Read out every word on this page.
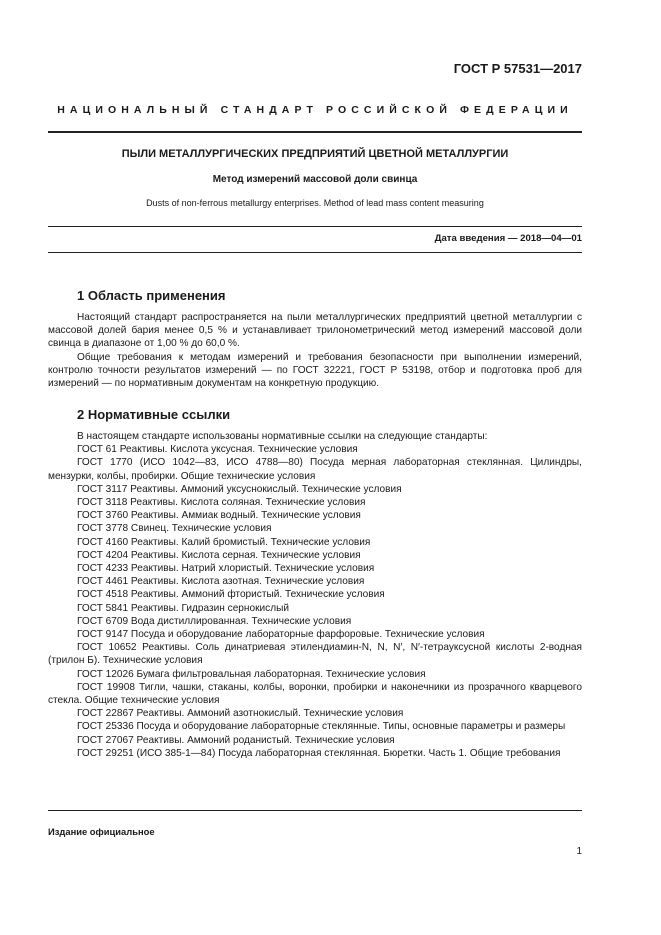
ГОСТ Р 57531—2017
НАЦИОНАЛЬНЫЙ СТАНДАРТ РОССИЙСКОЙ ФЕДЕРАЦИИ
ПЫЛИ МЕТАЛЛУРГИЧЕСКИХ ПРЕДПРИЯТИЙ ЦВЕТНОЙ МЕТАЛЛУРГИИ
Метод измерений массовой доли свинца
Dusts of non-ferrous metallurgy enterprises. Method of lead mass content measuring
Дата введения — 2018—04—01
1 Область применения

Настоящий стандарт распространяется на пыли металлургических предприятий цветной металлургии с массовой долей бария менее 0,5 % и устанавливает трилонометрический метод измерений массовой доли свинца в диапазоне от 1,00 % до 60,0 %.

Общие требования к методам измерений и требования безопасности при выполнении измерений, контролю точности результатов измерений — по ГОСТ 32221, ГОСТ Р 53198, отбор и подготовка проб для измерений — по нормативным документам на конкретную продукцию.

2 Нормативные ссылки
В настоящем стандарте использованы нормативные ссылки на следующие стандарты:
ГОСТ 61 Реактивы. Кислота уксусная. Технические условия
ГОСТ 1770 (ИСО 1042—83, ИСО 4788—80) Посуда мерная лабораторная стеклянная. Цилиндры, мензурки, колбы, пробирки. Общие технические условия
ГОСТ 3117 Реактивы. Аммоний уксуснокислый. Технические условия
ГОСТ 3118 Реактивы. Кислота соляная. Технические условия
ГОСТ 3760 Реактивы. Аммиак водный. Технические условия
ГОСТ 3778 Свинец. Технические условия
ГОСТ 4160 Реактивы. Калий бромистый. Технические условия
ГОСТ 4204 Реактивы. Кислота серная. Технические условия
ГОСТ 4233 Реактивы. Натрий хлористый. Технические условия
ГОСТ 4461 Реактивы. Кислота азотная. Технические условия
ГОСТ 4518 Реактивы. Аммоний фтористый. Технические условия
ГОСТ 5841 Реактивы. Гидразин сернокислый
ГОСТ 6709 Вода дистиллированная. Технические условия
ГОСТ 9147 Посуда и оборудование лабораторные фарфоровые. Технические условия
ГОСТ 10652 Реактивы. Соль динатриевая этилендиамин-N, N, N′, N′-тетрауксусной кислоты 2-водная (трилон Б). Технические условия
ГОСТ 12026 Бумага фильтровальная лабораторная. Технические условия
ГОСТ 19908 Тигли, чашки, стаканы, колбы, воронки, пробирки и наконечники из прозрачного кварцевого стекла. Общие технические условия
ГОСТ 22867 Реактивы. Аммоний азотнокислый. Технические условия
ГОСТ 25336 Посуда и оборудование лабораторные стеклянные. Типы, основные параметры и размеры
ГОСТ 27067 Реактивы. Аммоний роданистый. Технические условия
ГОСТ 29251 (ИСО 385-1—84) Посуда лабораторная стеклянная. Бюретки. Часть 1. Общие требования
Издание официальное
1
